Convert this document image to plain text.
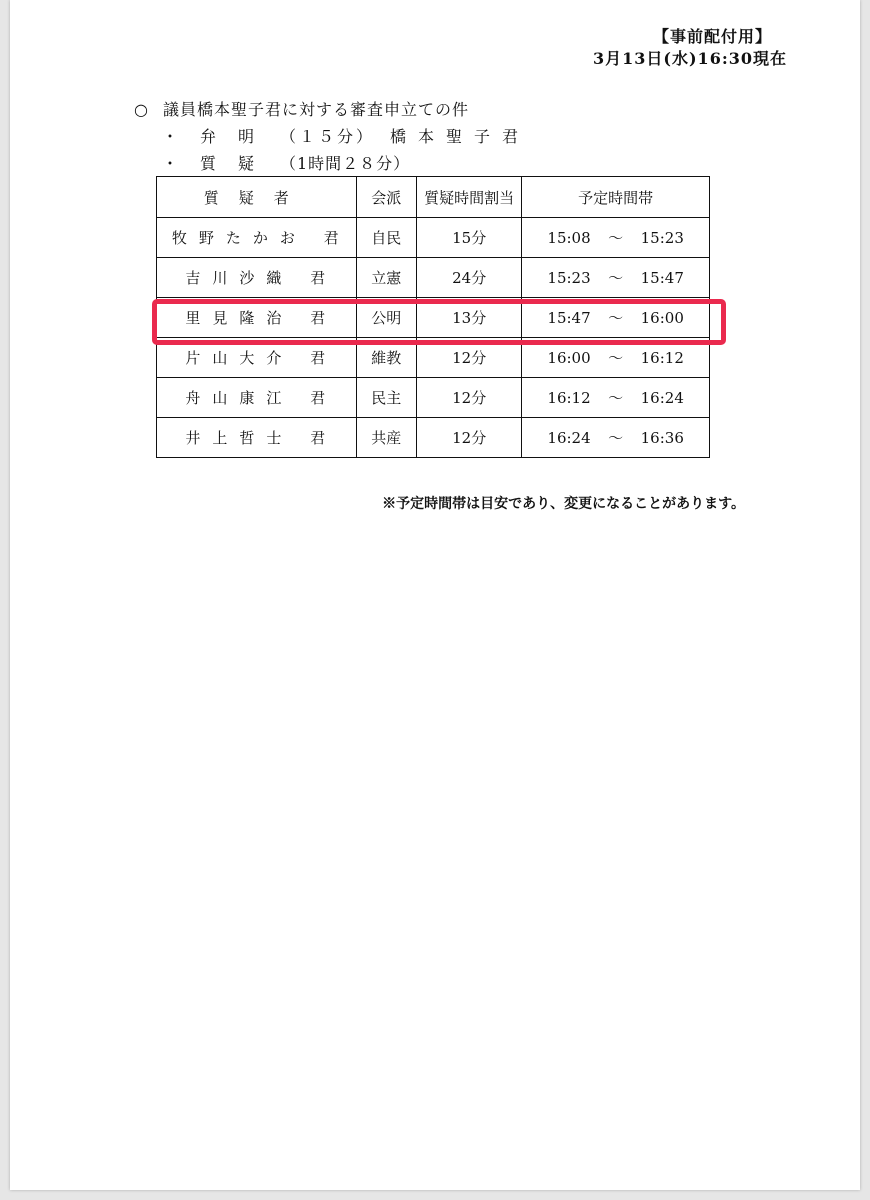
【事前配付用】
3月13日(水)16:30現在
○ 議員橋本聖子君に対する審査申立ての件
・弁明 （１５分） 橋本聖子君
・質疑 （1時間２８分）
質疑者	会派	質疑時間割当	予定時間帯
牧野たかお 君	自民	15分	15:08 ～ 15:23
吉川沙織 君	立憲	24分	15:23 ～ 15:47
里見隆治 君	公明	13分	15:47 ～ 16:00
片山大介 君	維教	12分	16:00 ～ 16:12
舟山康江 君	民主	12分	16:12 ～ 16:24
井上哲士 君	共産	12分	16:24 ～ 16:36
※予定時間帯は目安であり、変更になることがあります。
